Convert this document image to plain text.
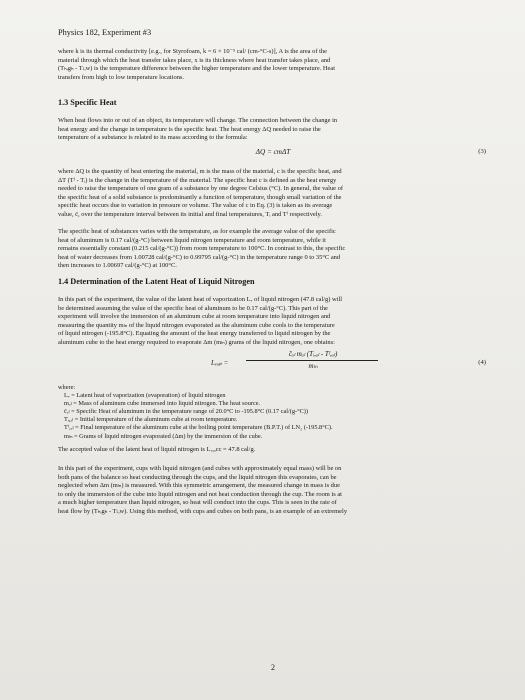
Physics 182, Experiment #3
where k is its thermal conductivity [e.g., for Styrofoam, k = 6 × 10⁻⁵ cal/ (cm-°C-s)], A is the area of the
material through which the heat transfer takes place, x is its thickness where heat transfer takes place, and
(Tₕᵢgₕ - Tₗₒw) is the temperature difference between the higher temperature and the lower temperature. Heat
transfers from high to low temperature locations.
1.3 Specific Heat
When heat flows into or out of an object, its temperature will change. The connection between the change in
heat energy and the change in temperature is the specific heat. The heat energy ΔQ needed to raise the
temperature of a substance is related to its mass according to the formula:
ΔQ = cmΔT	(3)
where ΔQ is the quantity of heat entering the material, m is the mass of the material, c is the specific heat, and
ΔT (Tᶠ - Tᵢ) is the change in the temperature of the material. The specific heat c is defined as the heat energy
needed to raise the temperature of one gram of a substance by one degree Celsius (°C). In general, the value of
the specific heat of a solid substance is predominantly a function of temperature, though small variation of the
specific heat occurs due to variation in pressure or volume. The value of c in Eq. (3) is taken as its average
value, c̄, over the temperature interval between its initial and final temperatures, Tᵢ and Tᶠ respectively.
The specific heat of substances varies with the temperature, as for example the average value of the specific
heat of aluminum is 0.17 cal/(g-°C) between liquid nitrogen temperature and room temperature, while it
remains essentially constant (0.215 cal/(g-°C)) from room temperature to 100°C. In contrast to this, the specific
heat of water decreases from 1.00728 cal/(g-°C) to 0.99795 cal/(g-°C) in the temperature range 0 to 35°C and
then increases to 1.00697 cal/(g-°C) at 100°C.
1.4 Determination of the Latent Heat of Liquid Nitrogen
In this part of the experiment, the value of the latent heat of vaporization Lᵥ of liquid nitrogen (47.8 cal/g) will
be determined assuming the value of the specific heat of aluminum to be 0.17 cal/(g-°C). This part of the
experiment will involve the immersion of an aluminum cube at room temperature into liquid nitrogen and
measuring the quantity mₗₙ of the liquid nitrogen evaporated as the aluminum cube cools to the temperature
of liquid nitrogen (-195.8°C). Equating the amount of the heat energy transferred to liquid nitrogen by the
aluminum cube to the heat energy required to evaporate Δm (mₗₙ) grams of the liquid nitrogen, one obtains:
Lᵥₐₚ =
c̄ₐₗ mₐₗ (Tᵢ,ₐₗ - Tᶠ,ₐₗ)
mₗₙ	(4)
where:
Lᵥ = Latent heat of vaporization (evaporation) of liquid nitrogen
mₐₗ = Mass of aluminum cube immersed into liquid nitrogen. The heat source.
c̄ₐₗ = Specific Heat of aluminum in the temperature range of 20.0°C to -195.8°C (0.17 cal/(g-°C))
Tᵢ,ₐₗ = Initial temperature of the aluminum cube at room temperature.
Tᶠ,ₐₗ = Final temperature of the aluminum cube at the boiling point temperature (B.P.T.) of LN₂ (-195.8°C).
mₗₙ = Grams of liquid nitrogen evaporated (Δm) by the immersion of the cube.
The accepted value of the latent heat of liquid nitrogen is Lᵥ,ₐcc = 47.8 cal/g.
In this part of the experiment, cups with liquid nitrogen (and cubes with approximately equal mass) will be on
both pans of the balance so heat conducting through the cups, and the liquid nitrogen this evaporates, can be
neglected when Δm (mₗₙ) is measured. With this symmetric arrangement, the measured change in mass is due
to only the immersion of the cube into liquid nitrogen and not heat conduction through the cup. The room is at
a much higher temperature than liquid nitrogen, so heat will conduct into the cups. This is seen in the rate of
heat flow by (Tₕᵢgₕ - Tₗₒw). Using this method, with cups and cubes on both pans, is an example of an extremely
2
